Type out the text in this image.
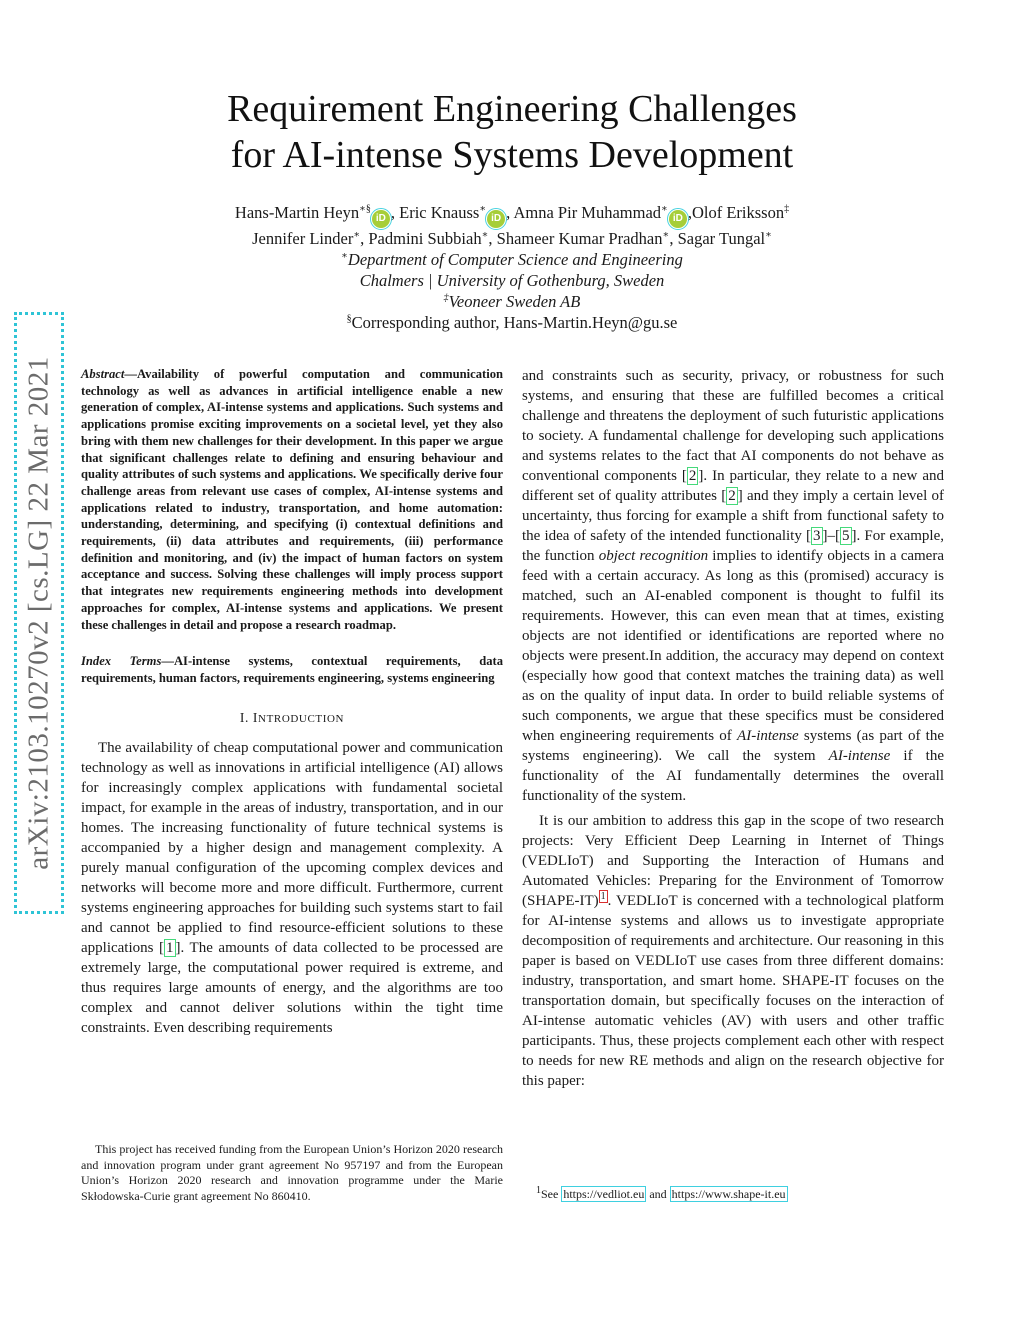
arXiv:2103.10270v2 [cs.LG] 22 Mar 2021
Requirement Engineering Challenges
for AI-intense Systems Development
Hans-Martin Heyn∗§iD , Eric Knauss∗iD , Amna Pir Muhammad∗iD ,Olof Eriksson‡
Jennifer Linder∗, Padmini Subbiah∗, Shameer Kumar Pradhan∗, Sagar Tungal∗
∗Department of Computer Science and Engineering
Chalmers | University of Gothenburg, Sweden
‡Veoneer Sweden AB
§Corresponding author, Hans-Martin.Heyn@gu.se

Abstract—Availability of powerful computation and communication technology as well as advances in artificial intelligence enable a new generation of complex, AI-intense systems and applications. Such systems and applications promise exciting improvements on a societal level, yet they also bring with them new challenges for their development. In this paper we argue that significant challenges relate to defining and ensuring behaviour and quality attributes of such systems and applications. We specifically derive four challenge areas from relevant use cases of complex, AI-intense systems and applications related to industry, transportation, and home automation: understanding, determining, and specifying (i) contextual definitions and requirements, (ii) data attributes and requirements, (iii) performance definition and monitoring, and (iv) the impact of human factors on system acceptance and success. Solving these challenges will imply process support that integrates new requirements engineering methods into development approaches for complex, AI-intense systems and applications. We present these challenges in detail and propose a research roadmap.

Index Terms—AI-intense systems, contextual requirements, data requirements, human factors, requirements engineering, systems engineering

I. INTRODUCTION

The availability of cheap computational power and communication technology as well as innovations in artificial intelligence (AI) allows for increasingly complex applications with fundamental societal impact, for example in the areas of industry, transportation, and in our homes. The increasing functionality of future technical systems is accompanied by a higher design and management complexity. A purely manual configuration of the upcoming complex devices and networks will become more and more difficult. Furthermore, current systems engineering approaches for building such systems start to fail and cannot be applied to find resource-efficient solutions to these applications [ 1 ]. The amounts of data collected to be processed are extremely large, the computational power required is extreme, and thus requires large amounts of energy, and the algorithms are too complex and cannot deliver solutions within the tight time constraints. Even describing requirements

and constraints such as security, privacy, or robustness for such systems, and ensuring that these are fulfilled becomes a critical challenge and threatens the deployment of such futuristic applications to society. A fundamental challenge for developing such applications and systems relates to the fact that AI components do not behave as conventional components [ 2 ]. In particular, they relate to a new and different set of quality attributes [ 2 ] and they imply a certain level of uncertainty, thus forcing for example a shift from functional safety to the idea of safety of the intended functionality [ 3 ]–[ 5 ]. For example, the function object recognition implies to identify objects in a camera feed with a certain accuracy. As long as this (promised) accuracy is matched, such an AI-enabled component is thought to fulfil its requirements. However, this can even mean that at times, existing objects are not identified or identifications are reported where no objects were present.In addition, the accuracy may depend on context (especially how good that context matches the training data) as well as on the quality of input data. In order to build reliable systems of such components, we argue that these specifics must be considered when engineering requirements of AI-intense systems (as part of the systems engineering). We call the system AI-intense if the functionality of the AI fundamentally determines the overall functionality of the system.

It is our ambition to address this gap in the scope of two research projects: Very Efficient Deep Learning in Internet of Things (VEDLIoT) and Supporting the Interaction of Humans and Automated Vehicles: Preparing for the Environment of Tomorrow (SHAPE-IT) $^1$ . VEDLIoT is concerned with a technological platform for AI-intense systems and allows us to investigate appropriate decomposition of requirements and architecture. Our reasoning in this paper is based on VEDLIoT use cases from three different domains: industry, transportation, and smart home. SHAPE-IT focuses on the transportation domain, but specifically focuses on the interaction of AI-intense automatic vehicles (AV) with users and other traffic participants. Thus, these projects complement each other with respect to needs for new RE methods and align on the research objective for this paper:

This project has received funding from the European Union’s Horizon 2020 research and innovation program under grant agreement No 957197 and from the European Union’s Horizon 2020 research and innovation programme under the Marie Skłodowska-Curie grant agreement No 860410.	$^1$See https://vedliot.eu and https://www.shape-it.eu
